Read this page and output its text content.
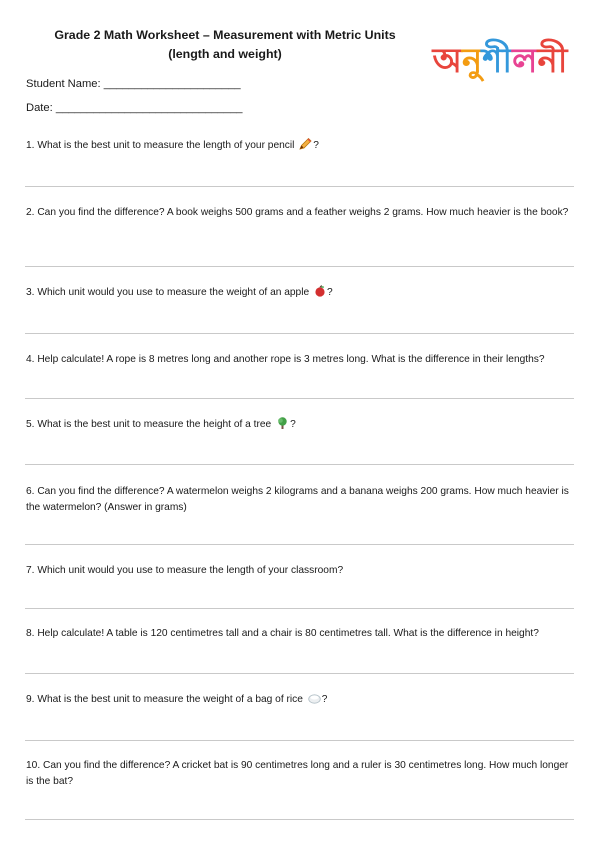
Grade 2 Math Worksheet – Measurement with Metric Units
(length and weight)	অনশলন
Student Name: ______________________
Date: ______________________________
1. What is the best unit to measure the length of your pencil ?
2. Can you find the difference? A book weighs 500 grams and a feather weighs 2 grams. How much heavier is the book?
3. Which unit would you use to measure the weight of an apple ?
4. Help calculate! A rope is 8 metres long and another rope is 3 metres long. What is the difference in their lengths?
5. What is the best unit to measure the height of a tree ?
6. Can you find the difference? A watermelon weighs 2 kilograms and a banana weighs 200 grams. How much heavier is the watermelon? (Answer in grams)
7. Which unit would you use to measure the length of your classroom?
8. Help calculate! A table is 120 centimetres tall and a chair is 80 centimetres tall. What is the difference in height?
9. What is the best unit to measure the weight of a bag of rice ?
10. Can you find the difference? A cricket bat is 90 centimetres long and a ruler is 30 centimetres long. How much longer is the bat?
